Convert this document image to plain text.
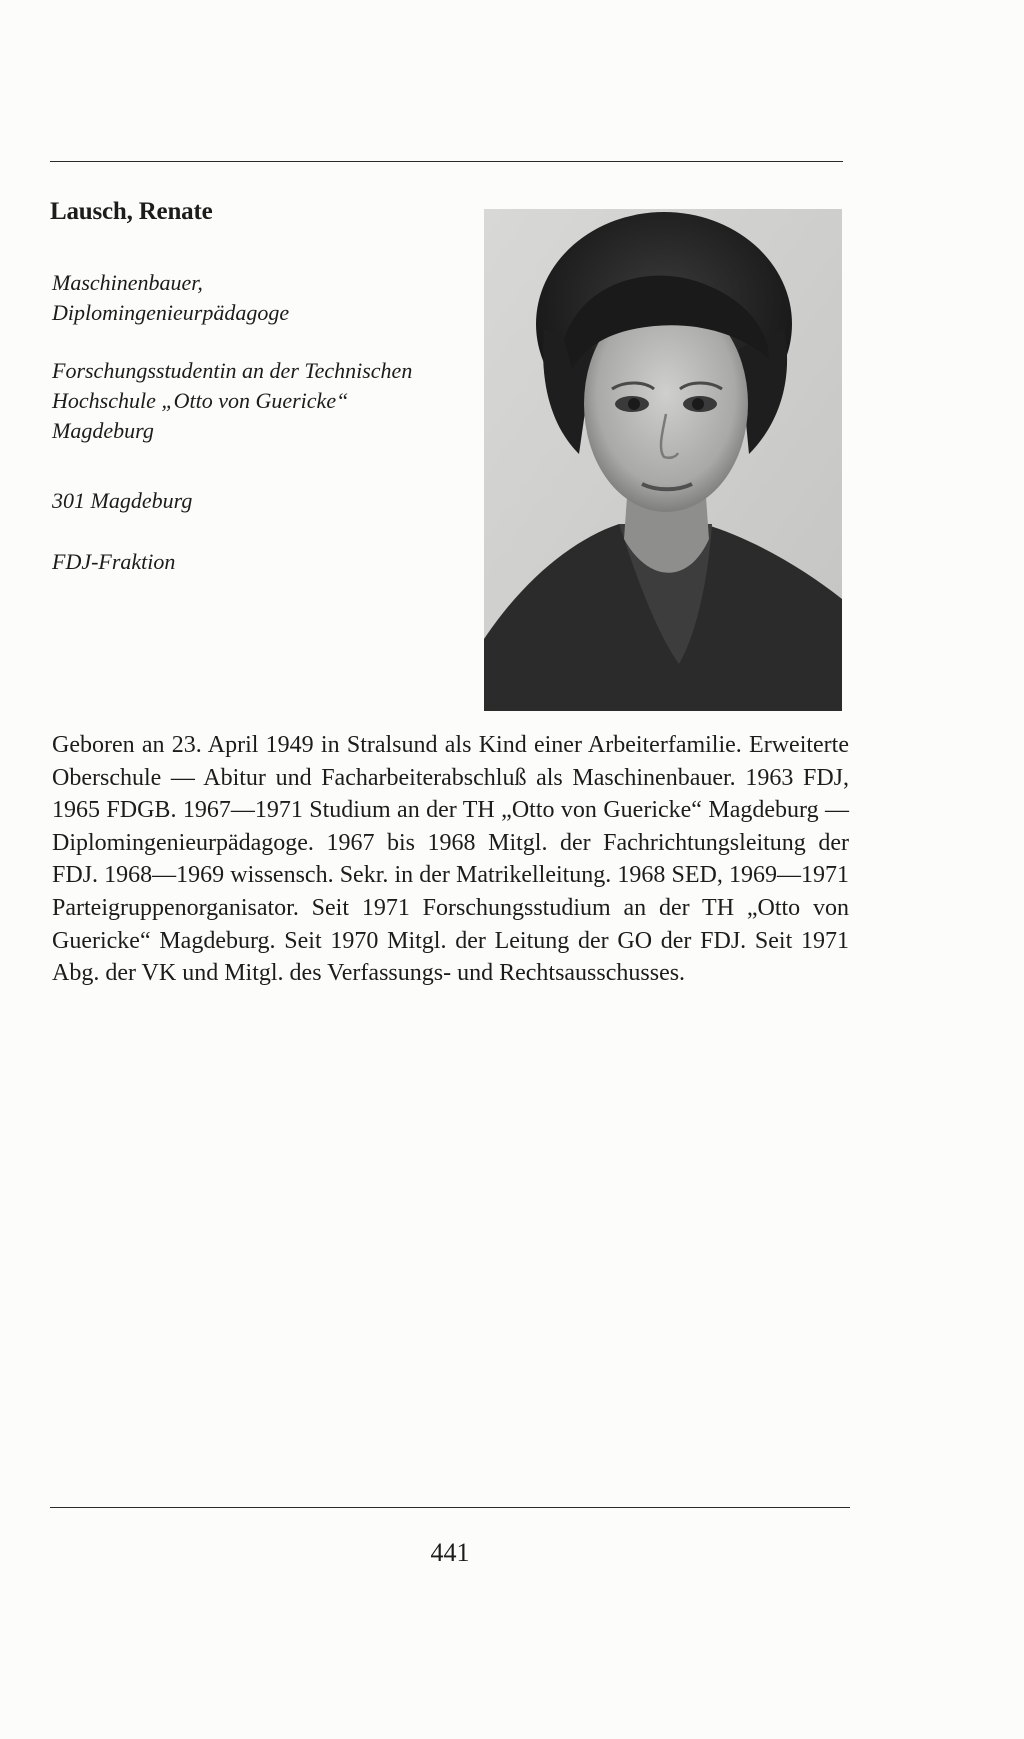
Lausch, Renate

Maschinenbauer, Diplomingenieurpädagoge

Forschungsstudentin an der Technischen Hochschule „Otto von Guericke“ Magdeburg

301 Magdeburg

FDJ-Fraktion

Geboren an 23. April 1949 in Stralsund als Kind einer Arbeiterfamilie. Erweiterte Oberschule — Abitur und Facharbeiterabschluß als Maschinenbauer. 1963 FDJ, 1965 FDGB. 1967—1971 Studium an der TH „Otto von Guericke“ Magdeburg — Diplomingenieurpädagoge. 1967 bis 1968 Mitgl. der Fachrichtungsleitung der FDJ. 1968—1969 wissensch. Sekr. in der Matrikelleitung. 1968 SED, 1969—1971 Parteigruppenorganisator. Seit 1971 Forschungsstudium an der TH „Otto von Guericke“ Magdeburg. Seit 1970 Mitgl. der Leitung der GO der FDJ. Seit 1971 Abg. der VK und Mitgl. des Verfassungs- und Rechtsausschusses.

441
